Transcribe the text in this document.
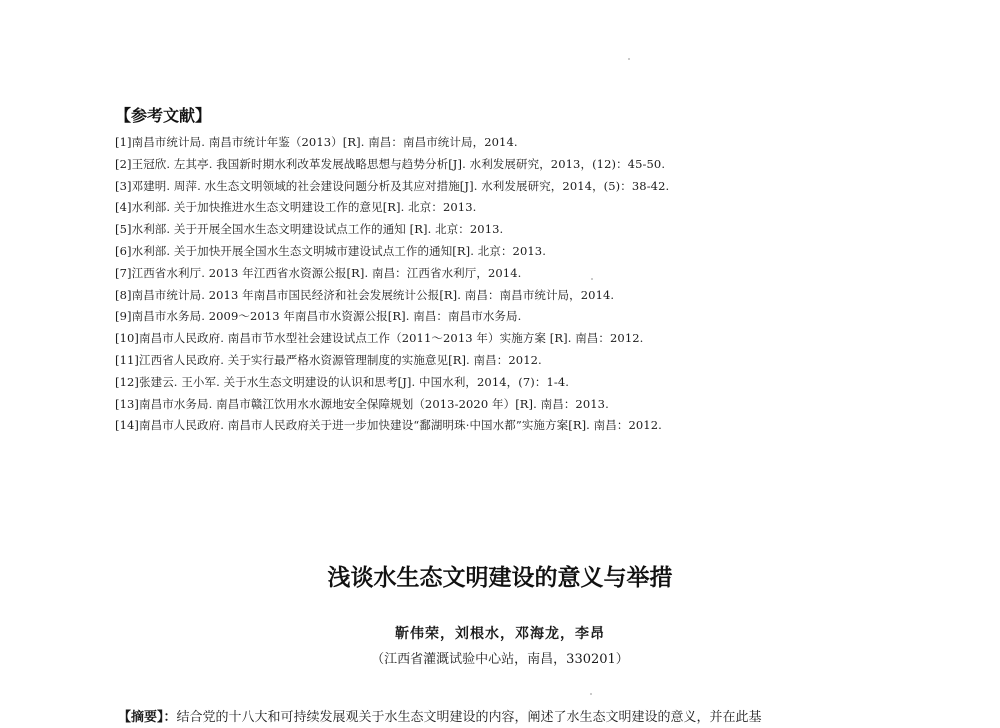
【参考文献】
[1]南昌市统计局. 南昌市统计年鉴（2013）[R]. 南昌：南昌市统计局，2014.
[2]王冠欣. 左其亭. 我国新时期水利改革发展战略思想与趋势分析[J]. 水利发展研究，2013，(12)：45-50.
[3]邓建明. 周萍. 水生态文明领域的社会建设问题分析及其应对措施[J]. 水利发展研究，2014，(5)：38-42.
[4]水利部. 关于加快推进水生态文明建设工作的意见[R]. 北京：2013.
[5]水利部. 关于开展全国水生态文明建设试点工作的通知 [R]. 北京：2013.
[6]水利部. 关于加快开展全国水生态文明城市建设试点工作的通知[R]. 北京：2013.
[7]江西省水利厅. 2013 年江西省水资源公报[R]. 南昌：江西省水利厅，2014.
[8]南昌市统计局. 2013 年南昌市国民经济和社会发展统计公报[R]. 南昌：南昌市统计局，2014.
[9]南昌市水务局. 2009～2013 年南昌市水资源公报[R]. 南昌：南昌市水务局.
[10]南昌市人民政府. 南昌市节水型社会建设试点工作（2011～2013 年）实施方案 [R]. 南昌：2012.
[11]江西省人民政府. 关于实行最严格水资源管理制度的实施意见[R]. 南昌：2012.
[12]张建云. 王小军. 关于水生态文明建设的认识和思考[J]. 中国水利，2014，(7)：1-4.
[13]南昌市水务局. 南昌市赣江饮用水水源地安全保障规划（2013-2020 年）[R]. 南昌：2013.
[14]南昌市人民政府. 南昌市人民政府关于进一步加快建设“鄱湖明珠·中国水都”实施方案[R]. 南昌：2012.
浅谈水生态文明建设的意义与举措

靳伟荣，刘根水，邓海龙，李昂

（江西省灌溉试验中心站，南昌，330201）

【摘要】：结合党的十八大和可持续发展观关于水生态文明建设的内容，阐述了水生态文明建设的意义，并在此基
